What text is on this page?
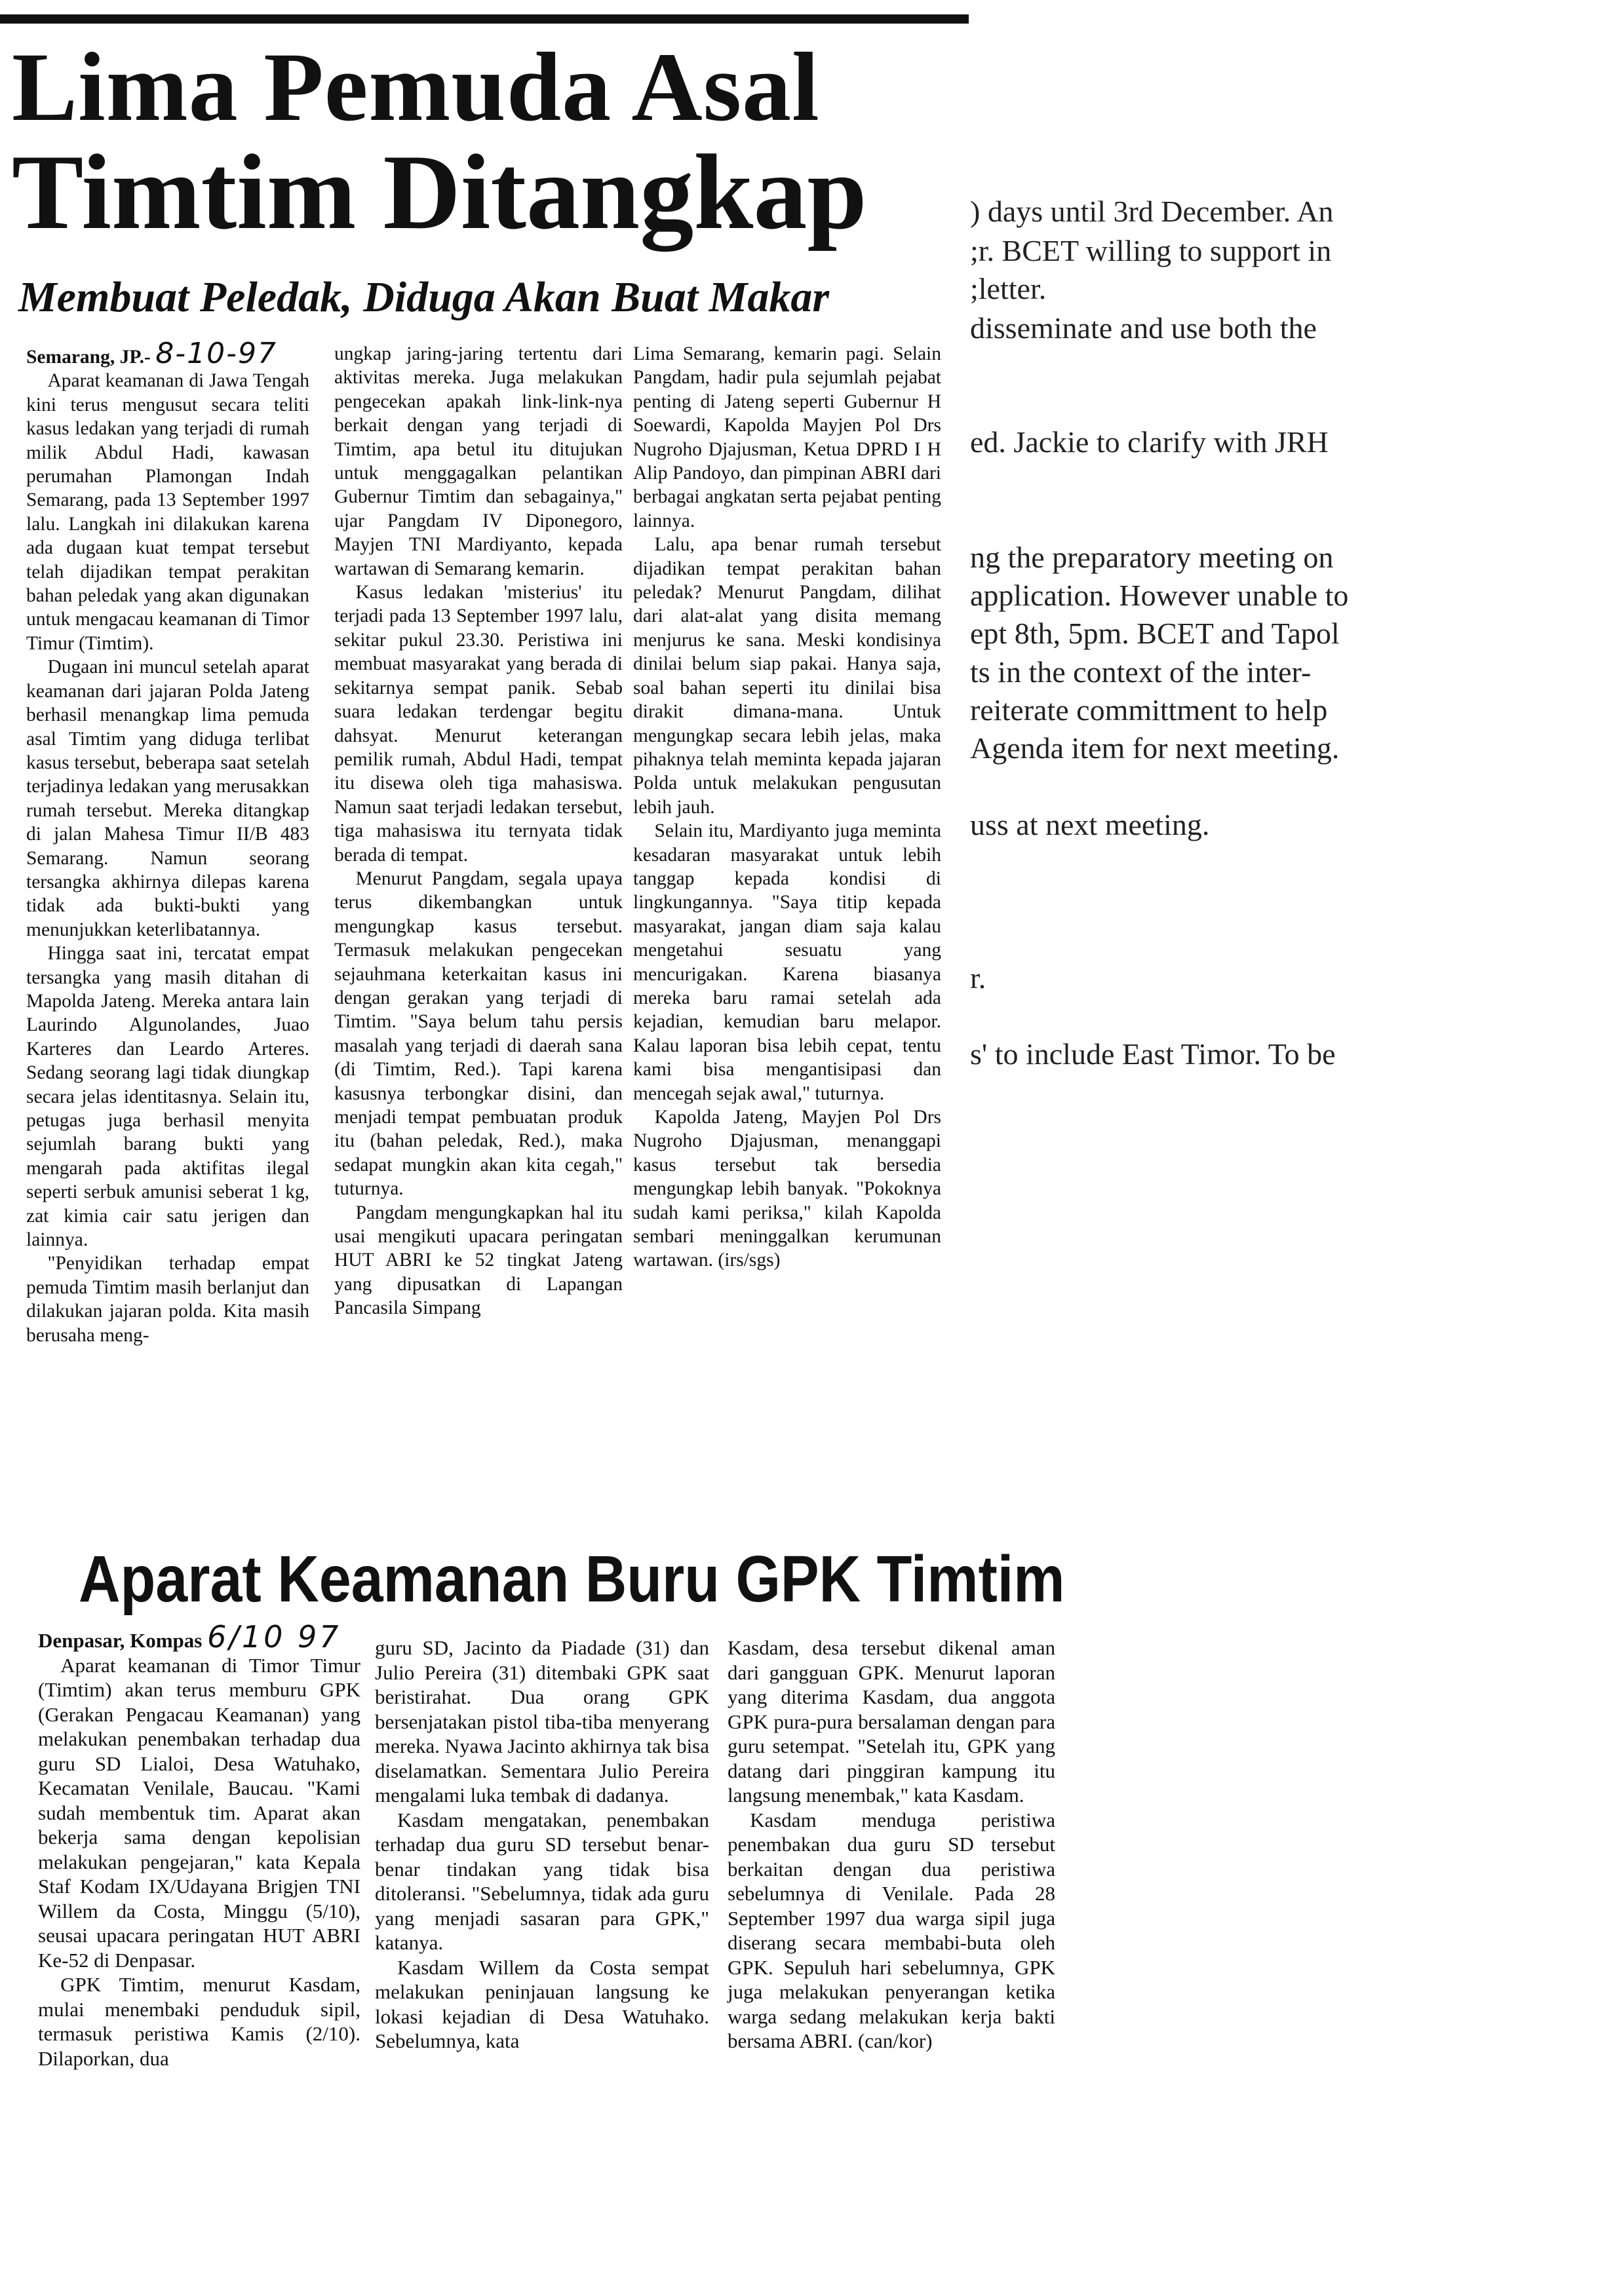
Lima Pemuda Asal
Timtim Ditangkap
Membuat Peledak, Diduga Akan Buat Makar

Semarang, JP.- 8-10-97

Aparat keamanan di Jawa Tengah kini terus mengusut secara teliti kasus ledakan yang terjadi di rumah milik Abdul Hadi, kawasan perumahan Plamongan Indah Semarang, pada 13 September 1997 lalu. Langkah ini dilakukan karena ada dugaan kuat tempat tersebut telah dijadikan tempat perakitan bahan peledak yang akan digunakan untuk mengacau keamanan di Timor Timur (Timtim).

Dugaan ini muncul setelah aparat keamanan dari jajaran Polda Jateng berhasil menangkap lima pemuda asal Timtim yang diduga terlibat kasus tersebut, beberapa saat setelah terjadinya ledakan yang merusakkan rumah tersebut. Mereka ditangkap di jalan Mahesa Timur II/B 483 Semarang. Namun seorang tersangka akhirnya dilepas karena tidak ada bukti-bukti yang menunjukkan keterlibatannya.

Hingga saat ini, tercatat empat tersangka yang masih ditahan di Mapolda Jateng. Mereka antara lain Laurindo Algunolandes, Juao Karteres dan Leardo Arteres. Sedang seorang lagi tidak diungkap secara jelas identitasnya. Selain itu, petugas juga berhasil menyita sejumlah barang bukti yang mengarah pada aktifitas ilegal seperti serbuk amunisi seberat 1 kg, zat kimia cair satu jerigen dan lainnya.

"Penyidikan terhadap empat pemuda Timtim masih berlanjut dan dilakukan jajaran polda. Kita masih berusaha meng-

ungkap jaring-jaring tertentu dari aktivitas mereka. Juga melakukan pengecekan apakah link-link-nya berkait dengan yang terjadi di Timtim, apa betul itu ditujukan untuk menggagalkan pelantikan Gubernur Timtim dan sebagainya," ujar Pangdam IV Diponegoro, Mayjen TNI Mardiyanto, kepada wartawan di Semarang kemarin.

Kasus ledakan 'misterius' itu terjadi pada 13 September 1997 lalu, sekitar pukul 23.30. Peristiwa ini membuat masyarakat yang berada di sekitarnya sempat panik. Sebab suara ledakan terdengar begitu dahsyat. Menurut keterangan pemilik rumah, Abdul Hadi, tempat itu disewa oleh tiga mahasiswa. Namun saat terjadi ledakan tersebut, tiga mahasiswa itu ternyata tidak berada di tempat.

Menurut Pangdam, segala upaya terus dikembangkan untuk mengungkap kasus tersebut. Termasuk melakukan pengecekan sejauhmana keterkaitan kasus ini dengan gerakan yang terjadi di Timtim. "Saya belum tahu persis masalah yang terjadi di daerah sana (di Timtim, Red.). Tapi karena kasusnya terbongkar disini, dan menjadi tempat pembuatan produk itu (bahan peledak, Red.), maka sedapat mungkin akan kita cegah," tuturnya.

Pangdam mengungkapkan hal itu usai mengikuti upacara peringatan HUT ABRI ke 52 tingkat Jateng yang dipusatkan di Lapangan Pancasila Simpang

Lima Semarang, kemarin pagi. Selain Pangdam, hadir pula sejumlah pejabat penting di Jateng seperti Gubernur H Soewardi, Kapolda Mayjen Pol Drs Nugroho Djajusman, Ketua DPRD I H Alip Pandoyo, dan pimpinan ABRI dari berbagai angkatan serta pejabat penting lainnya.

Lalu, apa benar rumah tersebut dijadikan tempat perakitan bahan peledak? Menurut Pangdam, dilihat dari alat-alat yang disita memang menjurus ke sana. Meski kondisinya dinilai belum siap pakai. Hanya saja, soal bahan seperti itu dinilai bisa dirakit dimana-mana. Untuk mengungkap secara lebih jelas, maka pihaknya telah meminta kepada jajaran Polda untuk melakukan pengusutan lebih jauh.

Selain itu, Mardiyanto juga meminta kesadaran masyarakat untuk lebih tanggap kepada kondisi di lingkungannya. "Saya titip kepada masyarakat, jangan diam saja kalau mengetahui sesuatu yang mencurigakan. Karena biasanya mereka baru ramai setelah ada kejadian, kemudian baru melapor. Kalau laporan bisa lebih cepat, tentu kami bisa mengantisipasi dan mencegah sejak awal," tuturnya.

Kapolda Jateng, Mayjen Pol Drs Nugroho Djajusman, menanggapi kasus tersebut tak bersedia mengungkap lebih banyak. "Pokoknya sudah kami periksa," kilah Kapolda sembari meninggalkan kerumunan wartawan. (irs/sgs)

) days until 3rd December. An
;r. BCET willing to support in
;letter.
disseminate and use both the
ed. Jackie to clarify with JRH
ng the preparatory meeting on
application. However unable to
ept 8th, 5pm. BCET and Tapol
ts in the context of the inter-
reiterate committment to help
Agenda item for next meeting.
uss at next meeting.
r.
s' to include East Timor. To be
Aparat Keamanan Buru GPK Timtim

Denpasar, Kompas 6/10 97

Aparat keamanan di Timor Timur (Timtim) akan terus memburu GPK (Gerakan Pengacau Keamanan) yang melakukan penembakan terhadap dua guru SD Lialoi, Desa Watuhako, Kecamatan Venilale, Baucau. "Kami sudah membentuk tim. Aparat akan bekerja sama dengan kepolisian melakukan pengejaran," kata Kepala Staf Kodam IX/Udayana Brigjen TNI Willem da Costa, Minggu (5/10), seusai upacara peringatan HUT ABRI Ke-52 di Denpasar.

GPK Timtim, menurut Kasdam, mulai menembaki penduduk sipil, termasuk peristiwa Kamis (2/10). Dilaporkan, dua

guru SD, Jacinto da Piadade (31) dan Julio Pereira (31) ditembaki GPK saat beristirahat. Dua orang GPK bersenjatakan pistol tiba-tiba menyerang mereka. Nyawa Jacinto akhirnya tak bisa diselamatkan. Sementara Julio Pereira mengalami luka tembak di dadanya.

Kasdam mengatakan, penembakan terhadap dua guru SD tersebut benar-benar tindakan yang tidak bisa ditoleransi. "Sebelumnya, tidak ada guru yang menjadi sasaran para GPK," katanya.

Kasdam Willem da Costa sempat melakukan peninjauan langsung ke lokasi kejadian di Desa Watuhako. Sebelumnya, kata

Kasdam, desa tersebut dikenal aman dari gangguan GPK. Menurut laporan yang diterima Kasdam, dua anggota GPK pura-pura bersalaman dengan para guru setempat. "Setelah itu, GPK yang datang dari pinggiran kampung itu langsung menembak," kata Kasdam.

Kasdam menduga peristiwa penembakan dua guru SD tersebut berkaitan dengan dua peristiwa sebelumnya di Venilale. Pada 28 September 1997 dua warga sipil juga diserang secara membabi-buta oleh GPK. Sepuluh hari sebelumnya, GPK juga melakukan penyerangan ketika warga sedang melakukan kerja bakti bersama ABRI. (can/kor)
